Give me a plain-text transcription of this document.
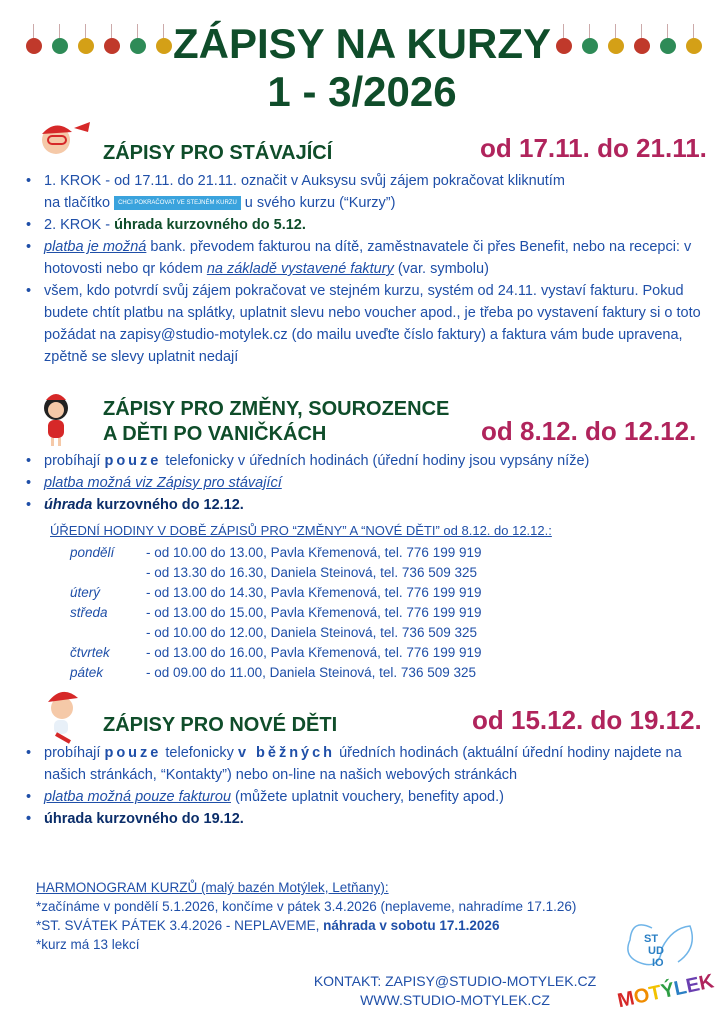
ZÁPISY NA KURZY
1 - 3/2026
ZÁPISY PRO STÁVAJÍCÍ	od 17.11. do 21.11.
• 1. KROK - od 17.11. do 21.11. označit v Auksysu svůj zájem pokračovat kliknutím
na tlačítko CHCI POKRAČOVAT VE STEJNÉM KURZU u svého kurzu (“Kurzy”)
• 2. KROK - úhrada kurzovného do 5.12.
• platba je možná bank. převodem fakturou na dítě, zaměstnavatele či přes Benefit, nebo na recepci: v hotovosti nebo qr kódem na základě vystavené faktury (var. symbolu)
• všem, kdo potvrdí svůj zájem pokračovat ve stejném kurzu, systém od 24.11. vystaví fakturu. Pokud budete chtít platbu na splátky, uplatnit slevu nebo voucher apod., je třeba po vystavení faktury si o toto požádat na zapisy@studio-motylek.cz (do mailu uveďte číslo faktury) a faktura vám bude upravena, zpětně se slevy uplatnit nedají
ZÁPISY PRO ZMĚNY, SOUROZENCE
A DĚTI PO VANIČKÁCH	od 8.12. do 12.12.
• probíhají pouze telefonicky v úředních hodinách (úřední hodiny jsou vypsány níže)
• platba možná viz Zápisy pro stávající
• úhrada kurzovného do 12.12.
ÚŘEDNÍ HODINY V DOBĚ ZÁPISŮ PRO “ZMĚNY” A “NOVÉ DĚTI” od 8.12. do 12.12.:
pondělí	- od 10.00 do 13.00, Pavla Křemenová, tel. 776 199 919
- od 13.30 do 16.30, Daniela Steinová, tel. 736 509 325
úterý	- od 13.00 do 14.30, Pavla Křemenová, tel. 776 199 919
středa	- od 13.00 do 15.00, Pavla Křemenová, tel. 776 199 919
- od 10.00 do 12.00, Daniela Steinová, tel. 736 509 325
čtvrtek	- od 13.00 do 16.00, Pavla Křemenová, tel. 776 199 919
pátek	- od 09.00 do 11.00, Daniela Steinová, tel. 736 509 325
ZÁPISY PRO NOVÉ DĚTI	od 15.12. do 19.12.
• probíhají pouze telefonicky v běžných úředních hodinách (aktuální úřední hodiny najdete na našich stránkách, “Kontakty”) nebo on-line na našich webových stránkách
• platba možná pouze fakturou (můžete uplatnit vouchery, benefity apod.)
• úhrada kurzovného do 19.12.
HARMONOGRAM KURZŮ (malý bazén Motýlek, Letňany):
*začínáme v pondělí 5.1.2026, končíme v pátek 3.4.2026 (neplaveme, nahradíme 17.1.26)
*ST. SVÁTEK PÁTEK 3.4.2026 - NEPLAVEME, náhrada v sobotu 17.1.2026
*kurz má 13 lekcí
KONTAKT: ZAPISY@STUDIO-MOTYLEK.CZ
WWW.STUDIO-MOTYLEK.CZ
ST
UD
IO
MOTÝLEK
